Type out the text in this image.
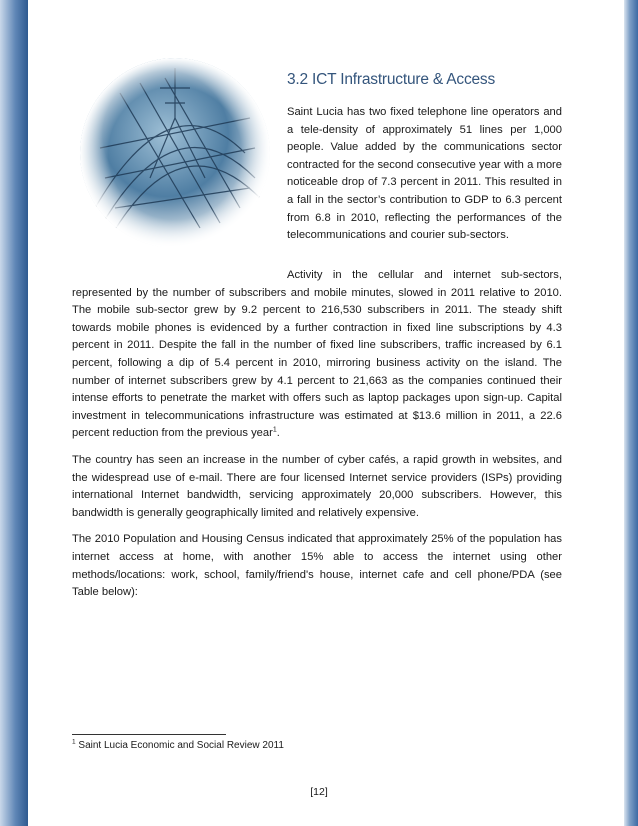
3.2 ICT Infrastructure & Access

Saint Lucia has two fixed telephone line operators and a tele-density of approximately 51 lines per 1,000 people. Value added by the communications sector contracted for the second consecutive year with a more noticeable drop of 7.3 percent in 2011. This resulted in a fall in the sector’s contribution to GDP to 6.3 percent from 6.8 in 2010, reflecting the performances of the telecommunications and courier sub-sectors.

Activity in the cellular and internet sub-sectors, represented by the number of subscribers and mobile minutes, slowed in 2011 relative to 2010. The mobile sub-sector grew by 9.2 percent to 216,530 subscribers in 2011. The steady shift towards mobile phones is evidenced by a further contraction in fixed line subscriptions by 4.3 percent in 2011. Despite the fall in the number of fixed line subscribers, traffic increased by 6.1 percent, following a dip of 5.4 percent in 2010, mirroring business activity on the island. The number of internet subscribers grew by 4.1 percent to 21,663 as the companies continued their intense efforts to penetrate the market with offers such as laptop packages upon sign-up. Capital investment in telecommunications infrastructure was estimated at $13.6 million in 2011, a 22.6 percent reduction from the previous year$^1$.

The country has seen an increase in the number of cyber cafés, a rapid growth in websites, and the widespread use of e-mail. There are four licensed Internet service providers (ISPs) providing international Internet bandwidth, servicing approximately 20,000 subscribers. However, this bandwidth is generally geographically limited and relatively expensive.

The 2010 Population and Housing Census indicated that approximately 25% of the population has internet access at home, with another 15% able to access the internet using other methods/locations: work, school, family/friend's house, internet cafe and cell phone/PDA (see Table below):

$^1$ Saint Lucia Economic and Social Review 2011
[12]
